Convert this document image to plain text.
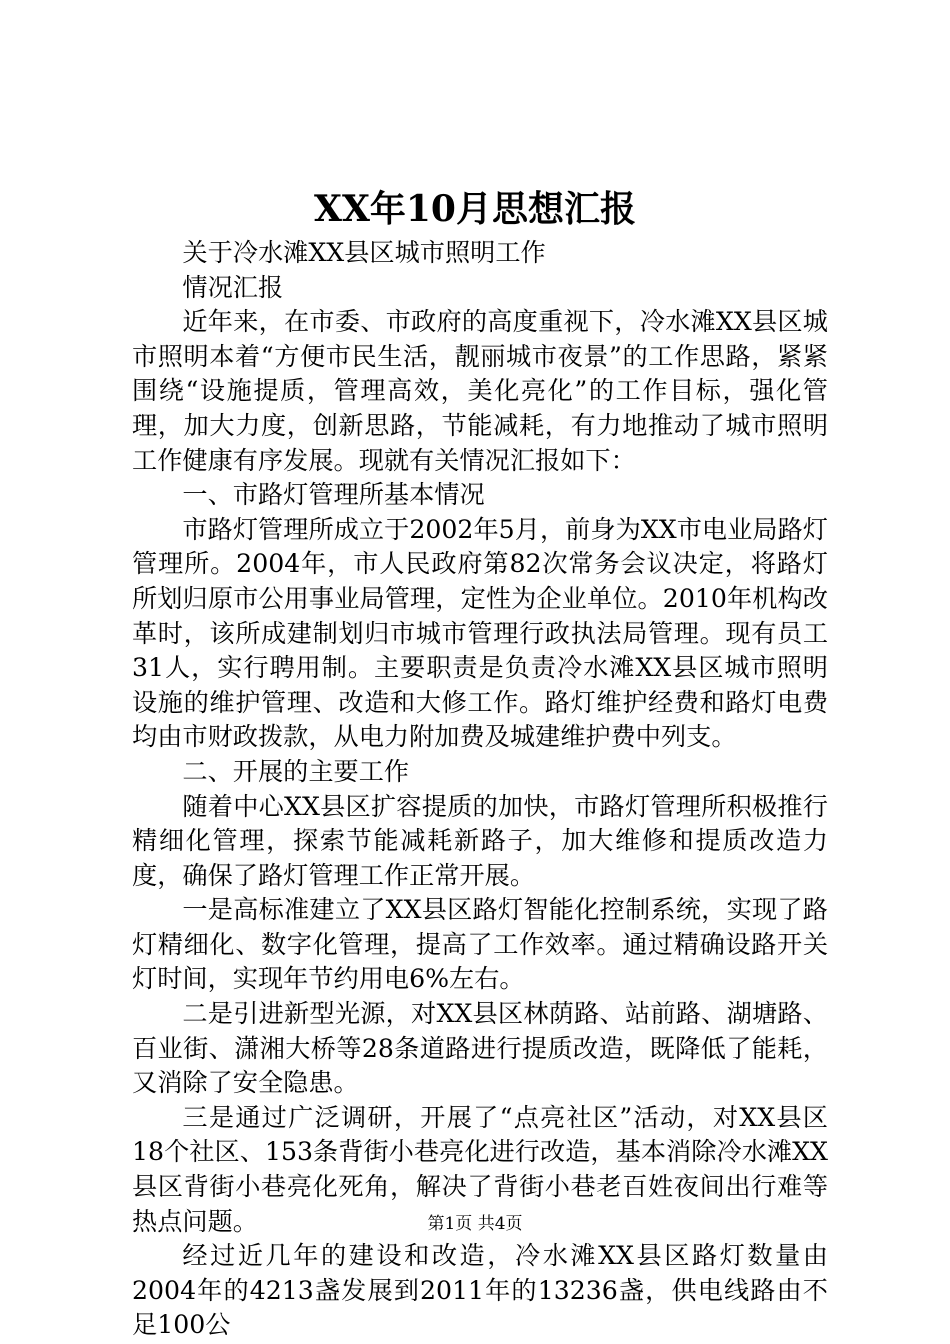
XX年10月思想汇报

关于冷水滩XX县区城市照明工作

情况汇报

近年来，在市委、市政府的高度重视下，冷水滩XX县区城市照明本着“方便市民生活，靓丽城市夜景”的工作思路，紧紧围绕“设施提质，管理高效，美化亮化”的工作目标，强化管理，加大力度，创新思路，节能减耗，有力地推动了城市照明工作健康有序发展。现就有关情况汇报如下：

一、市路灯管理所基本情况

市路灯管理所成立于2002年5月，前身为XX市电业局路灯管理所。2004年，市人民政府第82次常务会议决定，将路灯所划归原市公用事业局管理，定性为企业单位。2010年机构改革时，该所成建制划归市城市管理行政执法局管理。现有员工31人，实行聘用制。主要职责是负责冷水滩XX县区城市照明设施的维护管理、改造和大修工作。路灯维护经费和路灯电费均由市财政拨款，从电力附加费及城建维护费中列支。

二、开展的主要工作

随着中心XX县区扩容提质的加快，市路灯管理所积极推行精细化管理，探索节能减耗新路子，加大维修和提质改造力度，确保了路灯管理工作正常开展。

一是高标准建立了XX县区路灯智能化控制系统，实现了路灯精细化、数字化管理，提高了工作效率。通过精确设路开关灯时间，实现年节约用电6%左右。

二是引进新型光源，对XX县区林荫路、站前路、湖塘路、百业街、潇湘大桥等28条道路进行提质改造，既降低了能耗，又消除了安全隐患。

三是通过广泛调研，开展了“点亮社区”活动，对XX县区18个社区、153条背街小巷亮化进行改造，基本消除冷水滩XX县区背街小巷亮化死角，解决了背街小巷老百姓夜间出行难等热点问题。

经过近几年的建设和改造，冷水滩XX县区路灯数量由2004年的4213盏发展到2011年的13236盏，供电线路由不足100公

第1页 共4页
